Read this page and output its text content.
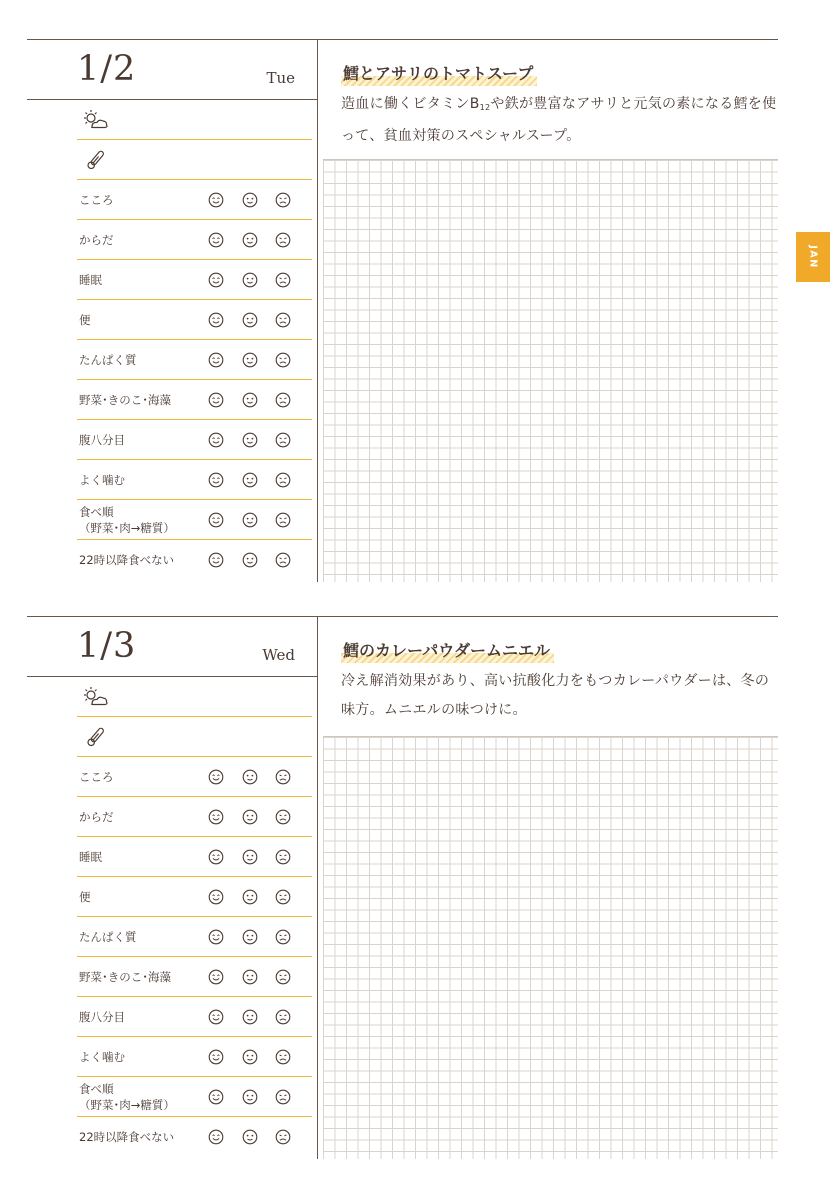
1/2	Tue
こころ
からだ
睡眠
便
たんぱく質
野菜･きのこ･海藻
腹八分目
よく噛む
食べ順
（野菜･肉→糖質）
22時以降食べない
鱈とアサリのトマトスープ
造血に働くビタミン$B_{12}$や鉄が豊富なアサリと元気の素になる鱈を使って、貧血対策のスペシャルスープ。
1/3	Wed
こころ
からだ
睡眠
便
たんぱく質
野菜･きのこ･海藻
腹八分目
よく噛む
食べ順
（野菜･肉→糖質）
22時以降食べない
鱈のカレーパウダームニエル
冷え解消効果があり、高い抗酸化力をもつカレーパウダーは、冬の味方。ムニエルの味つけに。
JAN
